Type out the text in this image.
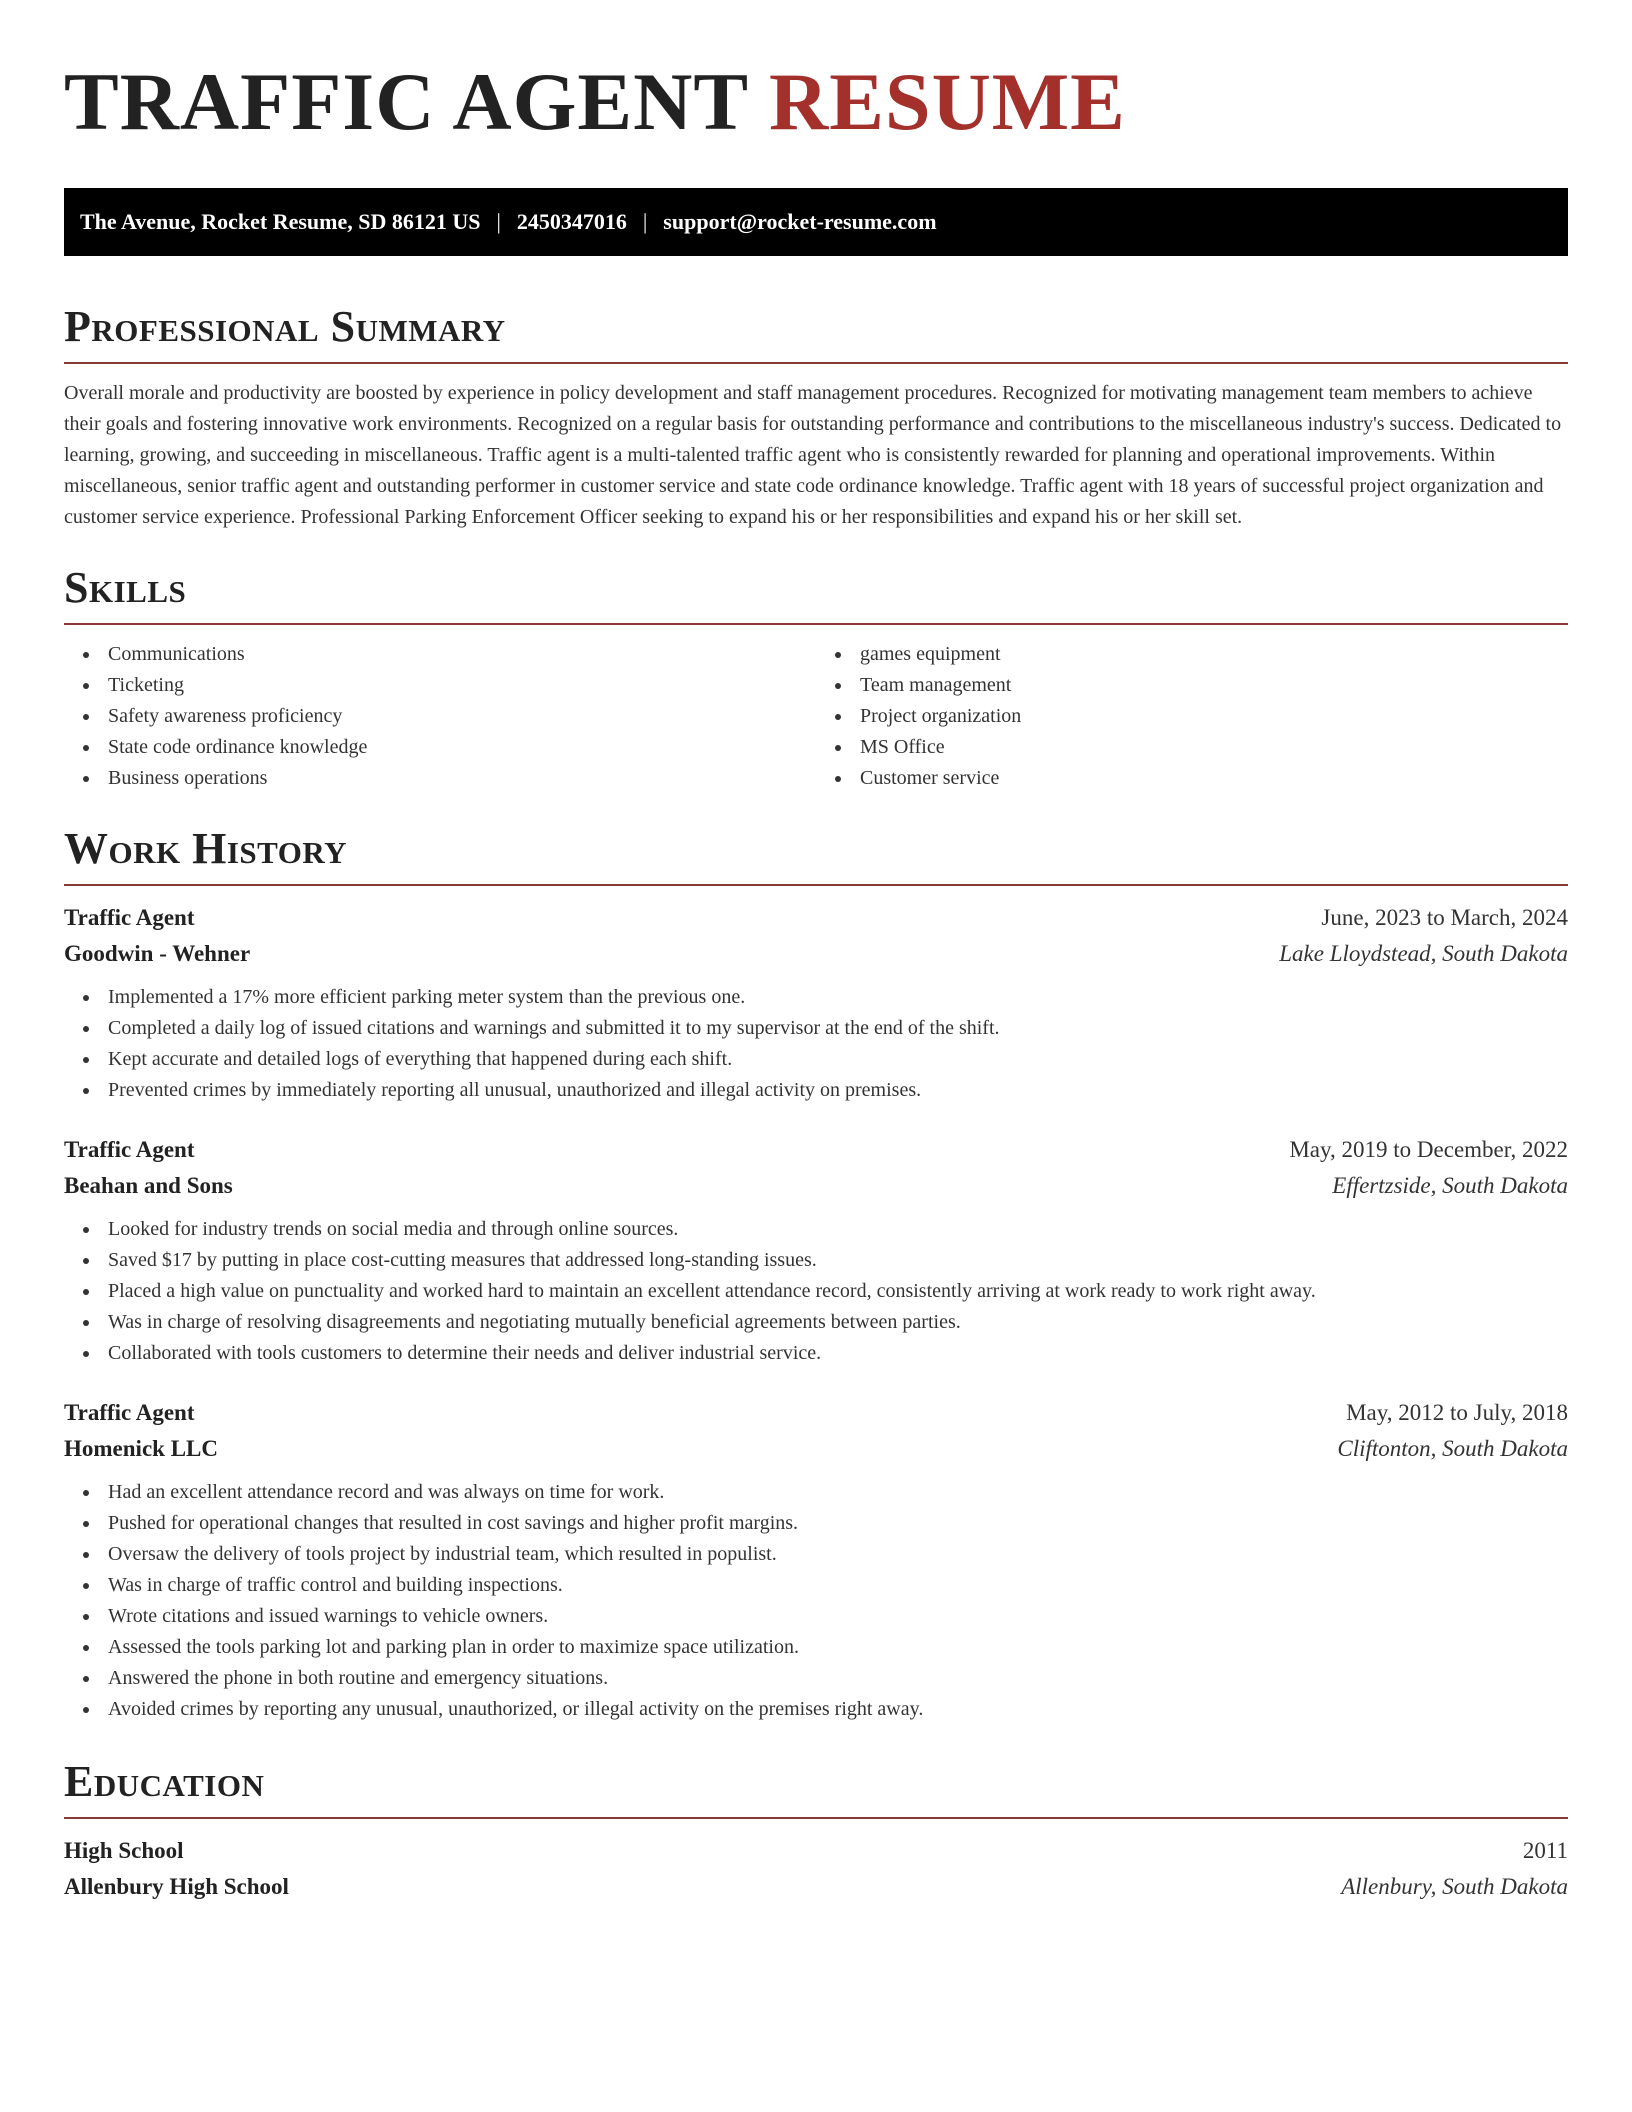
TRAFFIC AGENT RESUME
The Avenue, Rocket Resume, SD 86121 US | 2450347016 | support@rocket-resume.com
Professional Summary

Overall morale and productivity are boosted by experience in policy development and staff management procedures. Recognized for motivating management team members to achieve their goals and fostering innovative work environments. Recognized on a regular basis for outstanding performance and contributions to the miscellaneous industry's success. Dedicated to learning, growing, and succeeding in miscellaneous. Traffic agent is a multi-talented traffic agent who is consistently rewarded for planning and operational improvements. Within miscellaneous, senior traffic agent and outstanding performer in customer service and state code ordinance knowledge. Traffic agent with 18 years of successful project organization and customer service experience. Professional Parking Enforcement Officer seeking to expand his or her responsibilities and expand his or her skill set.

Skills
Communications
Ticketing
Safety awareness proficiency
State code ordinance knowledge
Business operations
games equipment
Team management
Project organization
MS Office
Customer service
Work History
Traffic Agent	June, 2023 to March, 2024
Goodwin - Wehner	Lake Lloydstead, South Dakota
Implemented a 17% more efficient parking meter system than the previous one.
Completed a daily log of issued citations and warnings and submitted it to my supervisor at the end of the shift.
Kept accurate and detailed logs of everything that happened during each shift.
Prevented crimes by immediately reporting all unusual, unauthorized and illegal activity on premises.
Traffic Agent	May, 2019 to December, 2022
Beahan and Sons	Effertzside, South Dakota
Looked for industry trends on social media and through online sources.
Saved $17 by putting in place cost-cutting measures that addressed long-standing issues.
Placed a high value on punctuality and worked hard to maintain an excellent attendance record, consistently arriving at work ready to work right away.
Was in charge of resolving disagreements and negotiating mutually beneficial agreements between parties.
Collaborated with tools customers to determine their needs and deliver industrial service.
Traffic Agent	May, 2012 to July, 2018
Homenick LLC	Cliftonton, South Dakota
Had an excellent attendance record and was always on time for work.
Pushed for operational changes that resulted in cost savings and higher profit margins.
Oversaw the delivery of tools project by industrial team, which resulted in populist.
Was in charge of traffic control and building inspections.
Wrote citations and issued warnings to vehicle owners.
Assessed the tools parking lot and parking plan in order to maximize space utilization.
Answered the phone in both routine and emergency situations.
Avoided crimes by reporting any unusual, unauthorized, or illegal activity on the premises right away.
Education
High School	2011
Allenbury High School	Allenbury, South Dakota
